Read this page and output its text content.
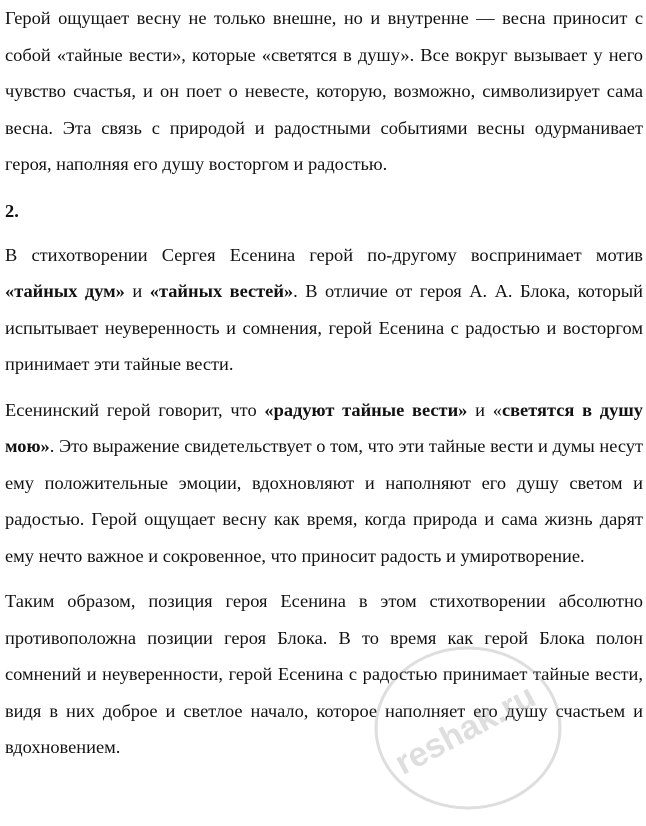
Герой ощущает весну не только внешне, но и внутренне — весна приносит с собой «тайные вести», которые «светятся в душу». Все вокруг вызывает у него чувство счастья, и он поет о невесте, которую, возможно, символизирует сама весна. Эта связь с природой и радостными событиями весны одурманивает героя, наполняя его душу восторгом и радостью.

2.

В стихотворении Сергея Есенина герой по-другому воспринимает мотив «тайных дум» и «тайных вестей». В отличие от героя А. А. Блока, который испытывает неуверенность и сомнения, герой Есенина с радостью и восторгом принимает эти тайные вести.

Есенинский герой говорит, что «радуют тайные вести» и «светятся в душу мою». Это выражение свидетельствует о том, что эти тайные вести и думы несут ему положительные эмоции, вдохновляют и наполняют его душу светом и радостью. Герой ощущает весну как время, когда природа и сама жизнь дарят ему нечто важное и сокровенное, что приносит радость и умиротворение.

Таким образом, позиция героя Есенина в этом стихотворении абсолютно противоположна позиции героя Блока. В то время как герой Блока полон сомнений и неуверенности, герой Есенина с радостью принимает тайные вести, видя в них доброе и светлое начало, которое наполняет его душу счастьем и вдохновением.	reshak.ru
